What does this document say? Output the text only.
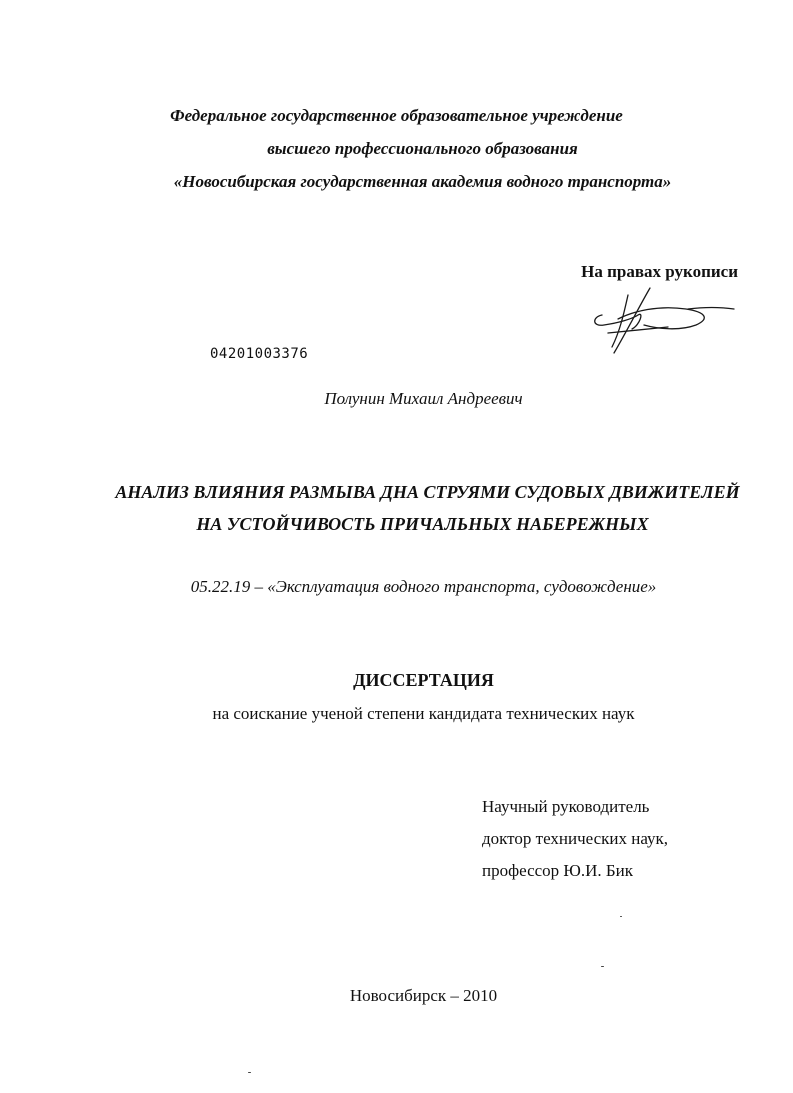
Федеральное государственное образовательное учреждение
высшего профессионального образования
«Новосибирская государственная академия водного транспорта»
На правах рукописи
04201003376
Полунин Михаил Андреевич
АНАЛИЗ ВЛИЯНИЯ РАЗМЫВА ДНА СТРУЯМИ СУДОВЫХ ДВИЖИТЕЛЕЙ
НА УСТОЙЧИВОСТЬ ПРИЧАЛЬНЫХ НАБЕРЕЖНЫХ
05.22.19 – «Эксплуатация водного транспорта, судовождение»
ДИССЕРТАЦИЯ
на соискание ученой степени кандидата технических наук
Научный руководитель
доктор технических наук,
профессор Ю.И. Бик
Новосибирск – 2010
